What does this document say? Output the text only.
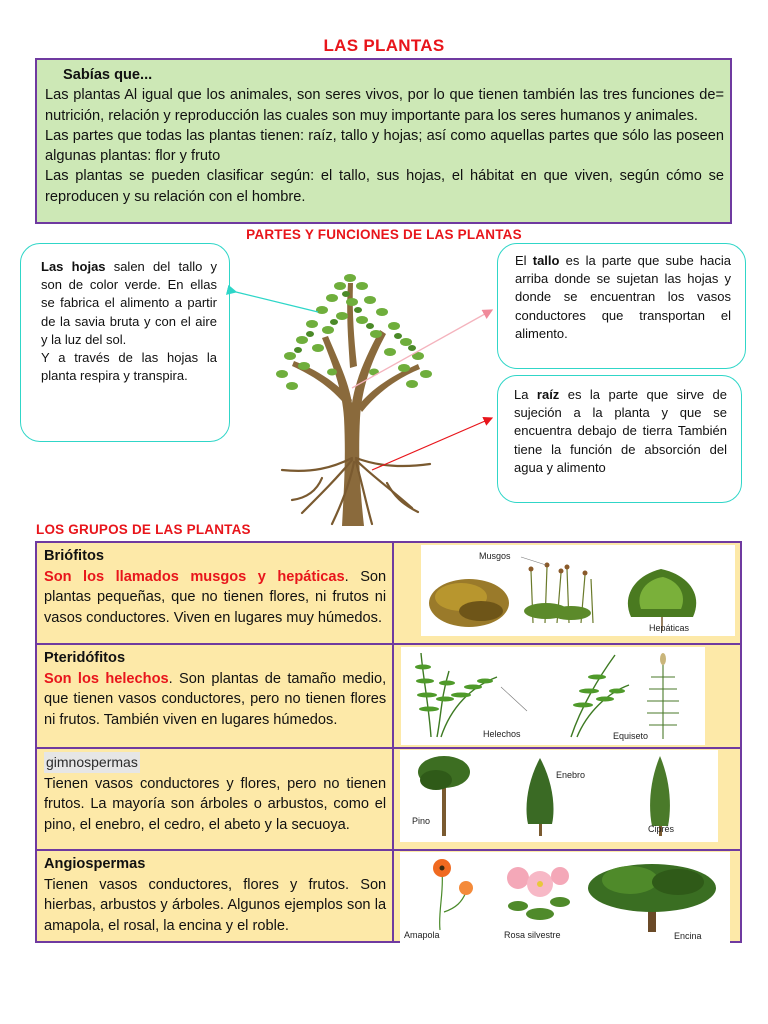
LAS PLANTAS
Sabías que...

Las plantas Al igual que los animales, son seres vivos, por lo que tienen también las tres funciones de= nutrición, relación y reproducción las cuales son muy importante para los seres humanos y animales.

Las partes que todas las plantas tienen: raíz, tallo y hojas; así como aquellas partes que sólo las poseen algunas plantas: flor y fruto

Las plantas se pueden clasificar según: el tallo, sus hojas, el hábitat en que viven, según cómo se reproducen y su relación con el hombre.

PARTES Y FUNCIONES DE LAS PLANTAS
Las hojas salen del tallo y son de color verde. En ellas se fabrica el alimento a partir de la savia bruta y con el aire y la luz del sol.
Y a través de las hojas la planta respira y transpira.
El tallo es la parte que sube hacia arriba donde se sujetan las hojas y donde se encuentran los vasos conductores que transportan el alimento.
La raíz es la parte que sirve de sujeción a la planta y que se encuentra debajo de tierra También tiene la función de absorción del agua y alimento
LOS GRUPOS DE LAS PLANTAS
Briófitos
Son los llamados musgos y hepáticas. Son plantas pequeñas, que no tienen flores, ni frutos ni vasos conductores. Viven en lugares muy húmedos.	

Pteridófitos
Son los helechos. Son plantas de tamaño medio, que tienen vasos conductores, pero no tienen flores ni frutos. También viven en lugares húmedos.	
gimnospermas
Tienen vasos conductores y flores, pero no tienen frutos. La mayoría son árboles o arbustos, como el pino, el enebro, el cedro, el abeto y la secuoya.	

Angiospermas
Tienen vasos conductores, flores y frutos. Son hierbas, arbustos y árboles. Algunos ejemplos son la amapola, el rosal, la encina y el roble.	
Musgos
Hepáticas
Helechos	Equiseto
Pino
Enebro
Ciprés
Amapola	Rosa silvestre	Encina
